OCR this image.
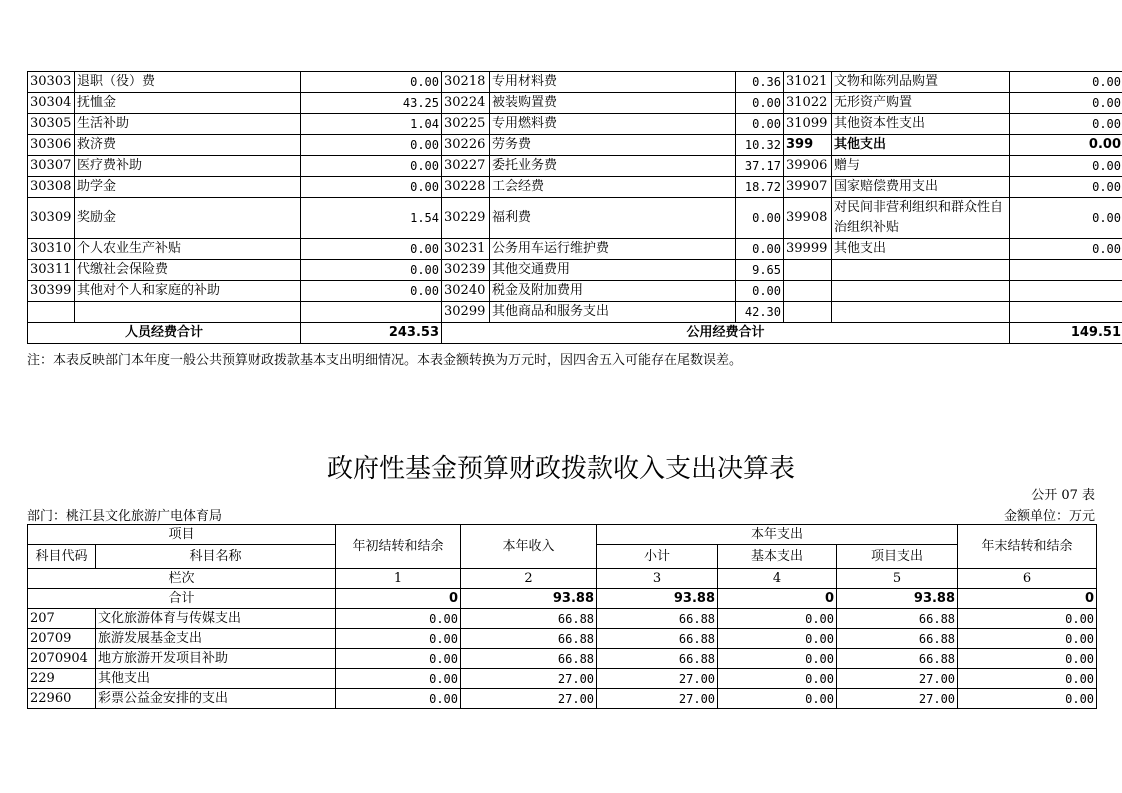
30303	退职（役）费	0.00	30218	专用材料费	0.36	31021	文物和陈列品购置	0.00
30304	抚恤金	43.25	30224	被装购置费	0.00	31022	无形资产购置	0.00
30305	生活补助	1.04	30225	专用燃料费	0.00	31099	其他资本性支出	0.00
30306	救济费	0.00	30226	劳务费	10.32	399	其他支出	0.00
30307	医疗费补助	0.00	30227	委托业务费	37.17	39906	赠与	0.00
30308	助学金	0.00	30228	工会经费	18.72	39907	国家赔偿费用支出	0.00
30309	奖励金	1.54	30229	福利费	0.00	39908	对民间非营利组织和群众性自治组织补贴	0.00
30310	个人农业生产补贴	0.00	30231	公务用车运行维护费	0.00	39999	其他支出	0.00
30311	代缴社会保险费	0.00	30239	其他交通费用	9.65			
30399	其他对个人和家庭的补助	0.00	30240	税金及附加费用	0.00			
			30299	其他商品和服务支出	42.30			
人员经费合计		243.53	公用经费合计					149.51
注：本表反映部门本年度一般公共预算财政拨款基本支出明细情况。本表金额转换为万元时，因四舍五入可能存在尾数误差。
政府性基金预算财政拨款收入支出决算表
公开 07 表
部门：桃江县文化旅游广电体育局	金额单位：万元
项目		年初结转和结余	本年收入	本年支出			年末结转和结余
科目代码	科目名称			小计	基本支出	项目支出	
栏次		1	2	3	4	5	6
合计		0	93.88	93.88	0	93.88	0
207	文化旅游体育与传媒支出	0.00	66.88	66.88	0.00	66.88	0.00
20709	旅游发展基金支出	0.00	66.88	66.88	0.00	66.88	0.00
2070904	地方旅游开发项目补助	0.00	66.88	66.88	0.00	66.88	0.00
229	其他支出	0.00	27.00	27.00	0.00	27.00	0.00
22960	彩票公益金安排的支出	0.00	27.00	27.00	0.00	27.00	0.00
